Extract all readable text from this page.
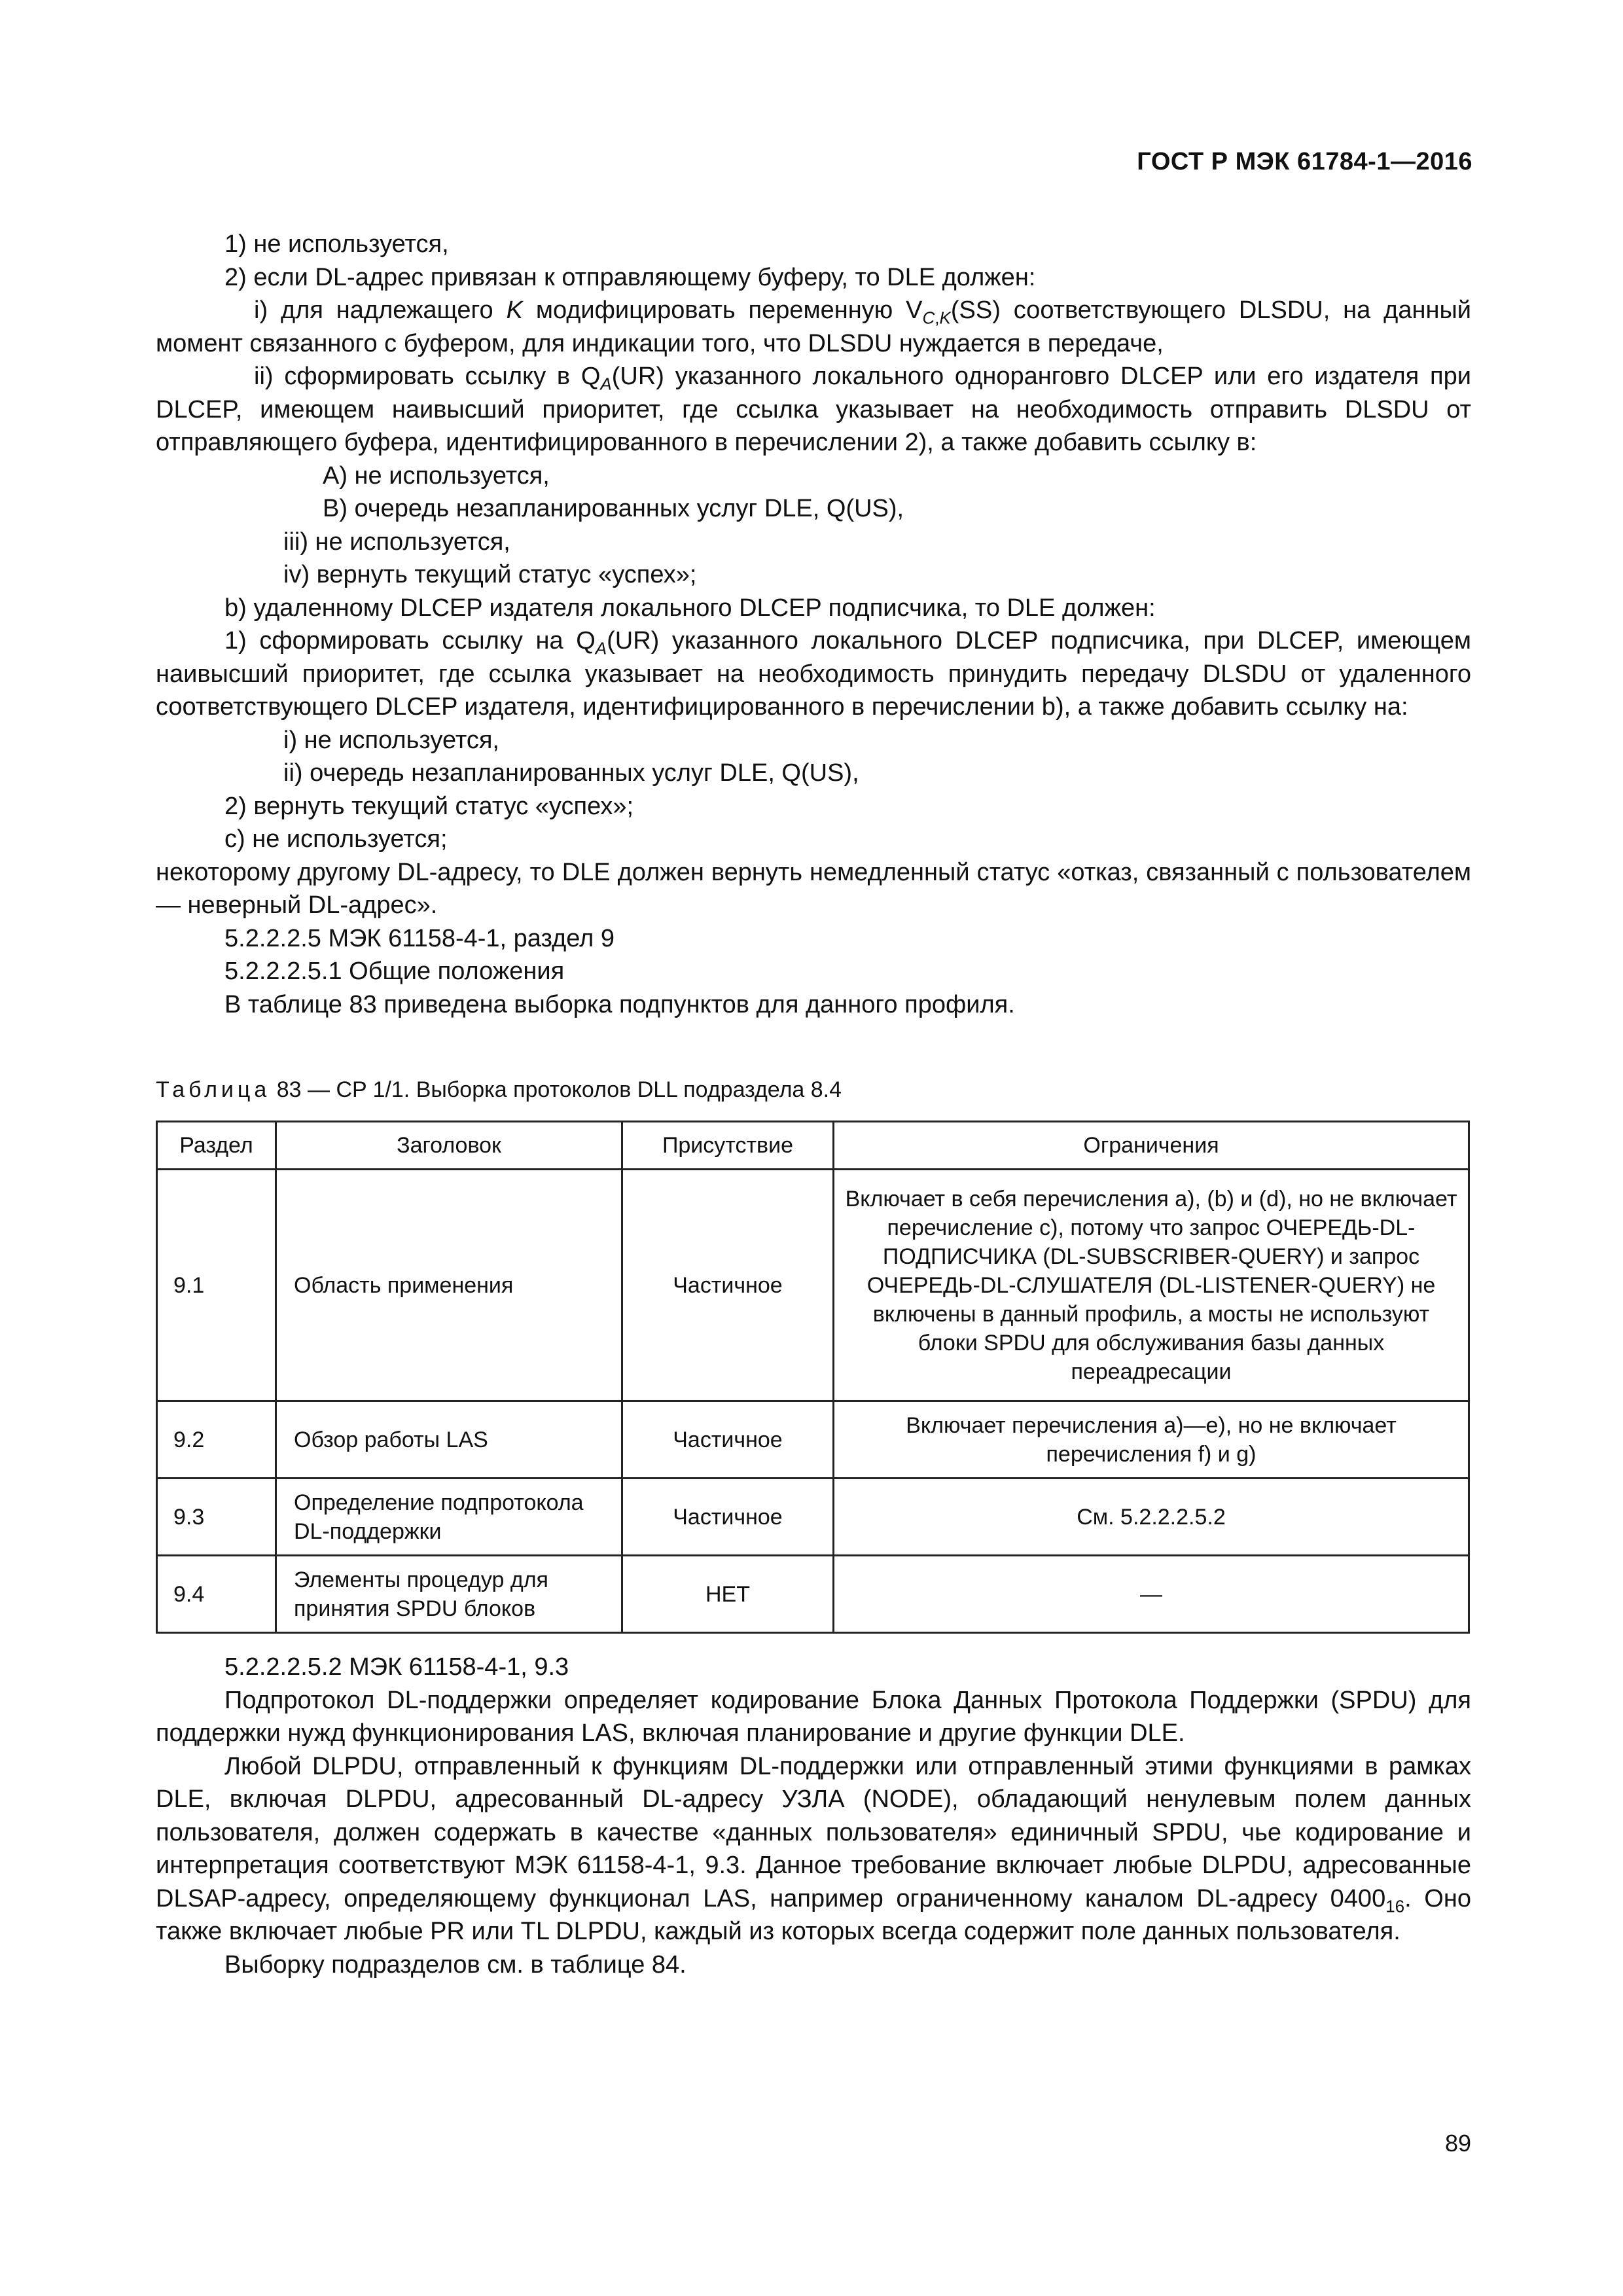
ГОСТ Р МЭК 61784-1—2016

1) не используется,

2) если DL-адрес привязан к отправляющему буферу, то DLE должен:

i) для надлежащего K модифицировать переменную $V_{C,K}(SS)$ соответствующего DLSDU, на данный момент связанного с буфером, для индикации того, что DLSDU нуждается в передаче,

ii) сформировать ссылку в $Q_A(UR)$ указанного локального одноранговго DLCEP или его издателя при DLCEP, имеющем наивысший приоритет, где ссылка указывает на необходимость отправить DLSDU от отправляющего буфера, идентифицированного в перечислении 2), а также добавить ссылку в:

A) не используется,

B) очередь незапланированных услуг DLE, Q(US),

iii) не используется,

iv) вернуть текущий статус «успех»;

b) удаленному DLCEP издателя локального DLCEP подписчика, то DLE должен:

1) сформировать ссылку на $Q_A(UR)$ указанного локального DLCEP подписчика, при DLCEP, имеющем наивысший приоритет, где ссылка указывает на необходимость принудить передачу DLSDU от удаленного соответствующего DLCEP издателя, идентифицированного в перечислении b), а также добавить ссылку на:

i) не используется,

ii) очередь незапланированных услуг DLE, Q(US),

2) вернуть текущий статус «успех»;

c) не используется;

некоторому другому DL-адресу, то DLE должен вернуть немедленный статус «отказ, связанный с пользователем — неверный DL-адрес».

5.2.2.2.5 МЭК 61158-4-1, раздел 9

5.2.2.2.5.1 Общие положения

В таблице 83 приведена выборка подпунктов для данного профиля.

Таблица 83 — CP 1/1. Выборка протоколов DLL подраздела 8.4
Раздел	Заголовок	Присутствие	Ограничения
9.1	Область применения	Частичное	Включает в себя перечисления a), (b) и (d), но не включает перечисление c), потому что запрос ОЧЕРЕДЬ-DL-ПОДПИСЧИКА (DL-SUBSCRIBER-QUERY) и запрос ОЧЕРЕДЬ-DL-СЛУШАТЕЛЯ (DL-LISTENER-QUERY) не включены в данный профиль, а мосты не используют блоки SPDU для обслуживания базы данных переадресации
9.2	Обзор работы LAS	Частичное	Включает перечисления a)—e), но не включает перечисления f) и g)
9.3	Определение подпротокола DL-поддержки	Частичное	См. 5.2.2.2.5.2
9.4	Элементы процедур для принятия SPDU блоков	НЕТ	—

5.2.2.2.5.2 МЭК 61158-4-1, 9.3

Подпротокол DL-поддержки определяет кодирование Блока Данных Протокола Поддержки (SPDU) для поддержки нужд функционирования LAS, включая планирование и другие функции DLE.

Любой DLPDU, отправленный к функциям DL-поддержки или отправленный этими функциями в рамках DLE, включая DLPDU, адресованный DL-адресу УЗЛА (NODE), обладающий ненулевым полем данных пользователя, должен содержать в качестве «данных пользователя» единичный SPDU, чье кодирование и интерпретация соответствуют МЭК 61158-4-1, 9.3. Данное требование включает любые DLPDU, адресованные DLSAP-адресу, определяющему функционал LAS, например ограниченному каналом DL-адресу $0400_{16}$. Оно также включает любые PR или TL DLPDU, каждый из которых всегда содержит поле данных пользователя.

Выборку подразделов см. в таблице 84.

89
